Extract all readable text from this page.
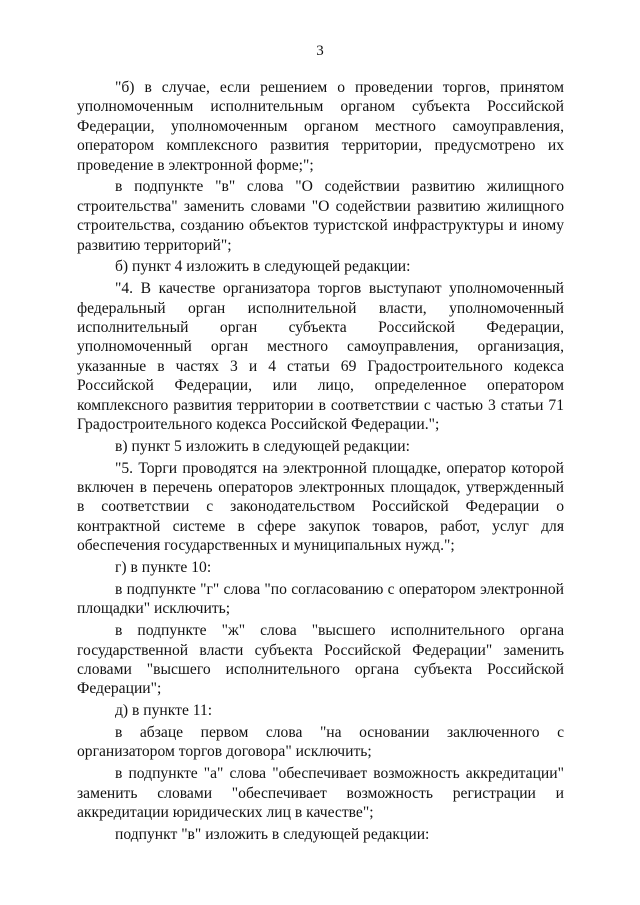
3

"б) в случае, если решением о проведении торгов, принятом уполномоченным исполнительным органом субъекта Российской Федерации, уполномоченным органом местного самоуправления, оператором комплексного развития территории, предусмотрено их проведение в электронной форме;";

в подпункте "в" слова "О содействии развитию жилищного строительства" заменить словами "О содействии развитию жилищного строительства, созданию объектов туристской инфраструктуры и иному развитию территорий";

б) пункт 4 изложить в следующей редакции:

"4. В качестве организатора торгов выступают уполномоченный федеральный орган исполнительной власти, уполномоченный исполнительный орган субъекта Российской Федерации, уполномоченный орган местного самоуправления, организация, указанные в частях 3 и 4 статьи 69 Градостроительного кодекса Российской Федерации, или лицо, определенное оператором комплексного развития территории в соответствии с частью 3 статьи 71 Градостроительного кодекса Российской Федерации.";

в) пункт 5 изложить в следующей редакции:

"5. Торги проводятся на электронной площадке, оператор которой включен в перечень операторов электронных площадок, утвержденный в соответствии с законодательством Российской Федерации о контрактной системе в сфере закупок товаров, работ, услуг для обеспечения государственных и муниципальных нужд.";

г) в пункте 10:

в подпункте "г" слова "по согласованию с оператором электронной площадки" исключить;

в подпункте "ж" слова "высшего исполнительного органа государственной власти субъекта Российской Федерации" заменить словами "высшего исполнительного органа субъекта Российской Федерации";

д) в пункте 11:

в абзаце первом слова "на основании заключенного с организатором торгов договора" исключить;

в подпункте "а" слова "обеспечивает возможность аккредитации" заменить словами "обеспечивает возможность регистрации и аккредитации юридических лиц в качестве";

подпункт "в" изложить в следующей редакции:
